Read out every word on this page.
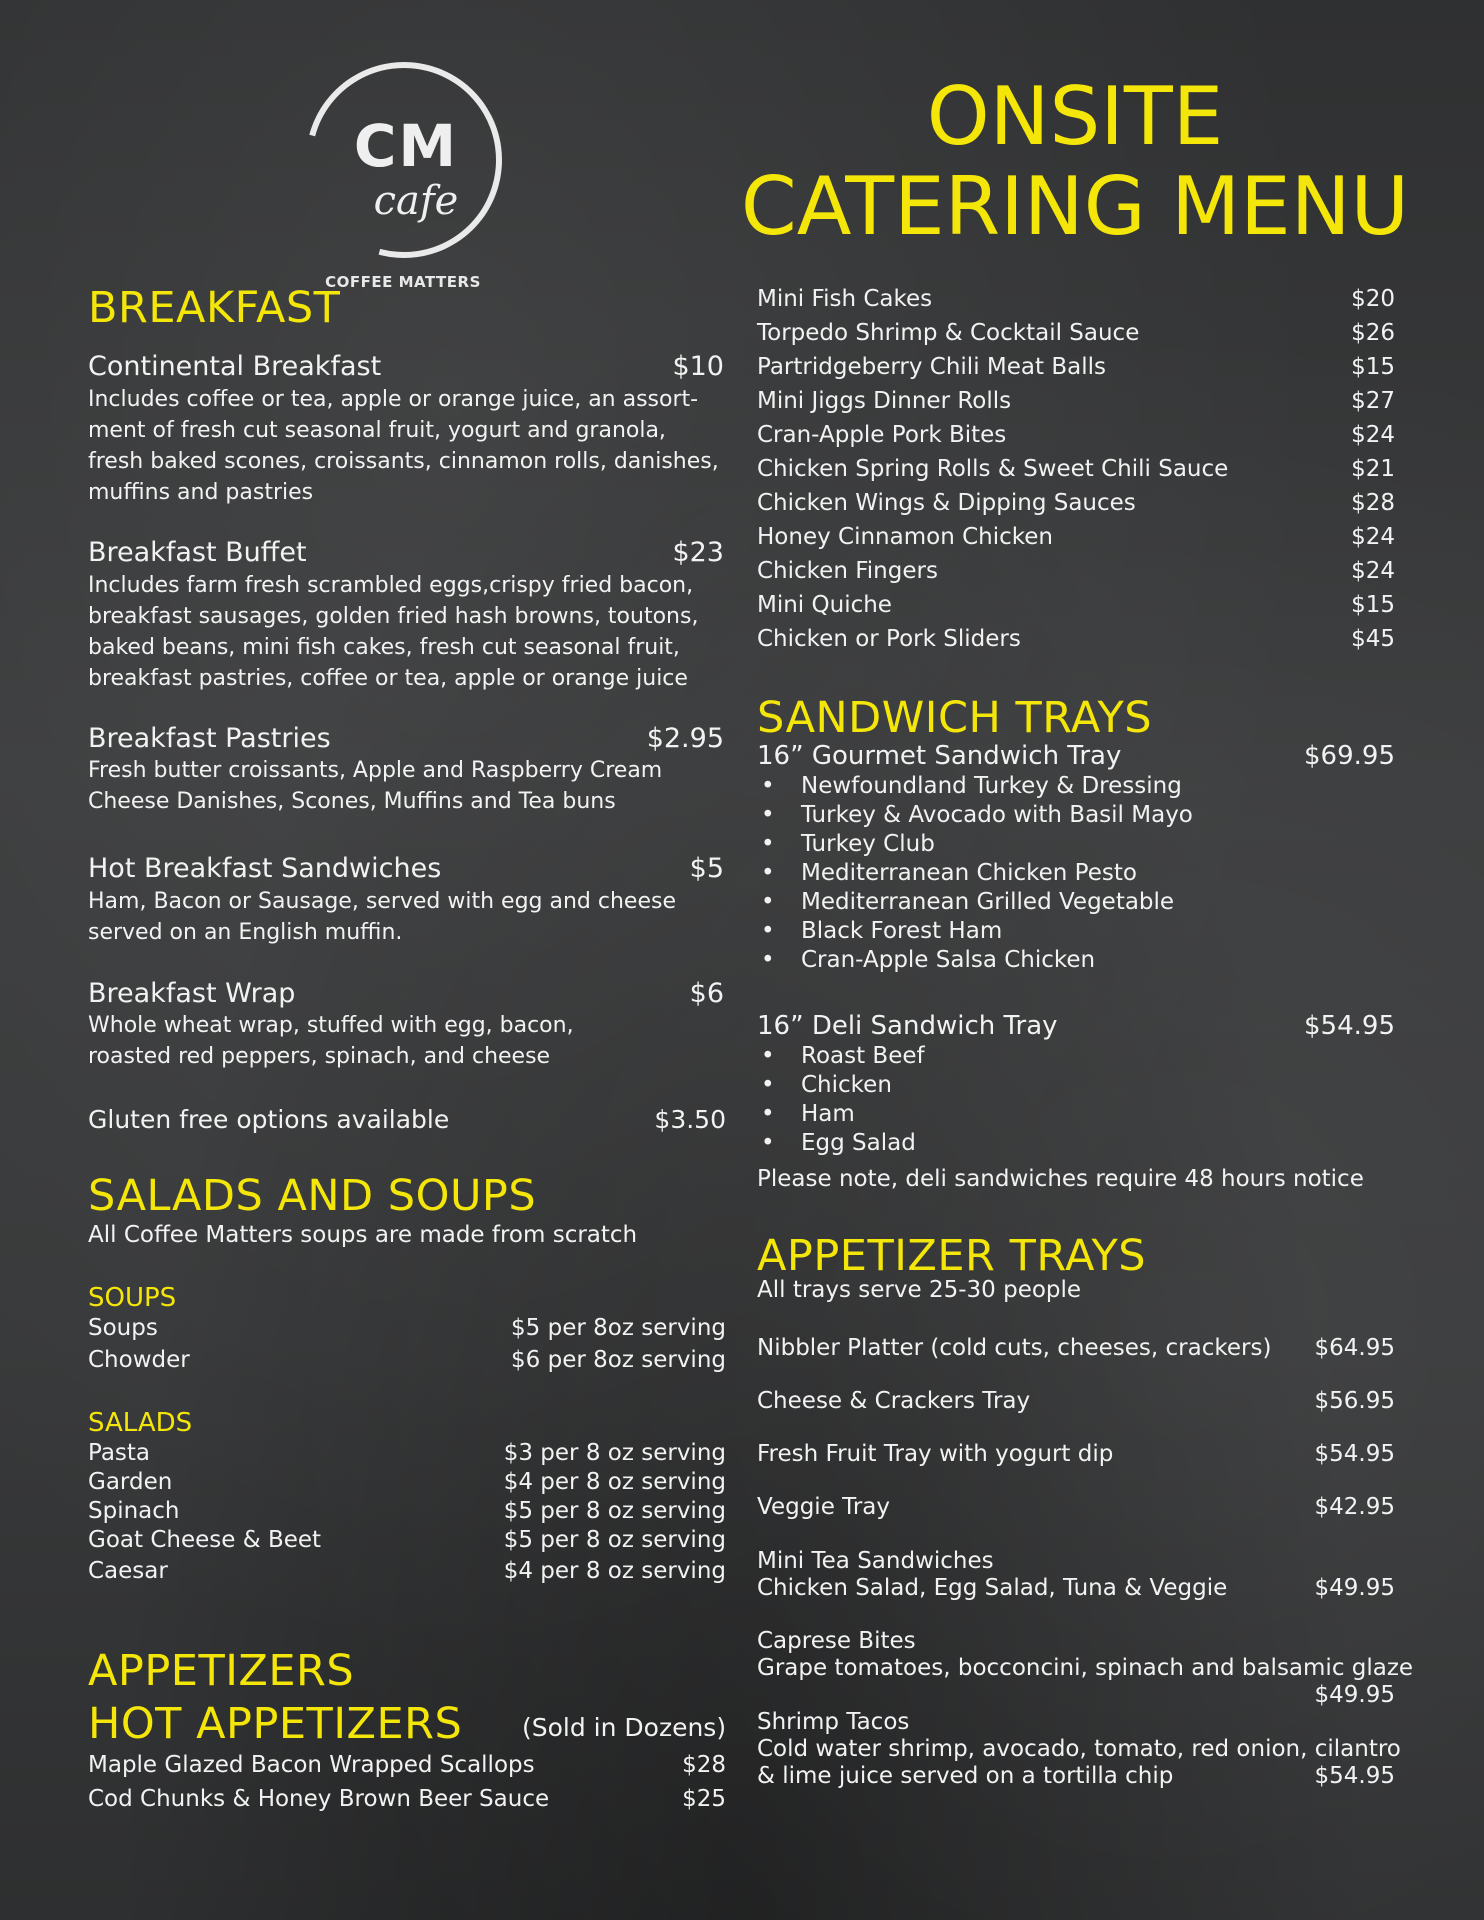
CM
cafe
COFFEE MATTERS
ONSITE
CATERING MENU
BREAKFAST
Continental Breakfast	$10
Includes coffee or tea, apple or orange juice, an assort-
ment of fresh cut seasonal fruit, yogurt and granola,
fresh baked scones, croissants, cinnamon rolls, danishes,
muffins and pastries
Breakfast Buffet	$23
Includes farm fresh scrambled eggs,crispy fried bacon,
breakfast sausages, golden fried hash browns, toutons,
baked beans, mini fish cakes, fresh cut seasonal fruit,
breakfast pastries, coffee or tea, apple or orange juice
Breakfast Pastries	$2.95
Fresh butter croissants, Apple and Raspberry Cream
Cheese Danishes, Scones, Muffins and Tea buns
Hot Breakfast Sandwiches	$5
Ham, Bacon or Sausage, served with egg and cheese
served on an English muffin.
Breakfast Wrap	$6
Whole wheat wrap, stuffed with egg, bacon,
roasted red peppers, spinach, and cheese
Gluten free options available	$3.50
SALADS AND SOUPS
All Coffee Matters soups are made from scratch
SOUPS
Soups	$5 per 8oz serving
Chowder	$6 per 8oz serving
SALADS
Pasta	$3 per 8 oz serving
Garden	$4 per 8 oz serving
Spinach	$5 per 8 oz serving
Goat Cheese & Beet	$5 per 8 oz serving
Caesar	$4 per 8 oz serving
APPETIZERS
HOT APPETIZERS (Sold in Dozens)
Maple Glazed Bacon Wrapped Scallops	$28
Cod Chunks & Honey Brown Beer Sauce	$25
Mini Fish Cakes	$20
Torpedo Shrimp & Cocktail Sauce	$26
Partridgeberry Chili Meat Balls	$15
Mini Jiggs Dinner Rolls	$27
Cran-Apple Pork Bites	$24
Chicken Spring Rolls & Sweet Chili Sauce	$21
Chicken Wings & Dipping Sauces	$28
Honey Cinnamon Chicken	$24
Chicken Fingers	$24
Mini Quiche	$15
Chicken or Pork Sliders	$45
SANDWICH TRAYS
16” Gourmet Sandwich Tray	$69.95
• Newfoundland Turkey & Dressing
• Turkey & Avocado with Basil Mayo
• Turkey Club
• Mediterranean Chicken Pesto
• Mediterranean Grilled Vegetable
• Black Forest Ham
• Cran-Apple Salsa Chicken
16” Deli Sandwich Tray	$54.95
• Roast Beef
• Chicken
• Ham
• Egg Salad
Please note, deli sandwiches require 48 hours notice
APPETIZER TRAYS
All trays serve 25-30 people
Nibbler Platter (cold cuts, cheeses, crackers) $64.95
Cheese & Crackers Tray	$56.95
Fresh Fruit Tray with yogurt dip	$54.95
Veggie Tray	$42.95
Mini Tea Sandwiches
Chicken Salad, Egg Salad, Tuna & Veggie	$49.95
Caprese Bites
Grape tomatoes, bocconcini, spinach and balsamic glaze
$49.95
Shrimp Tacos
Cold water shrimp, avocado, tomato, red onion, cilantro
& lime juice served on a tortilla chip	$54.95
